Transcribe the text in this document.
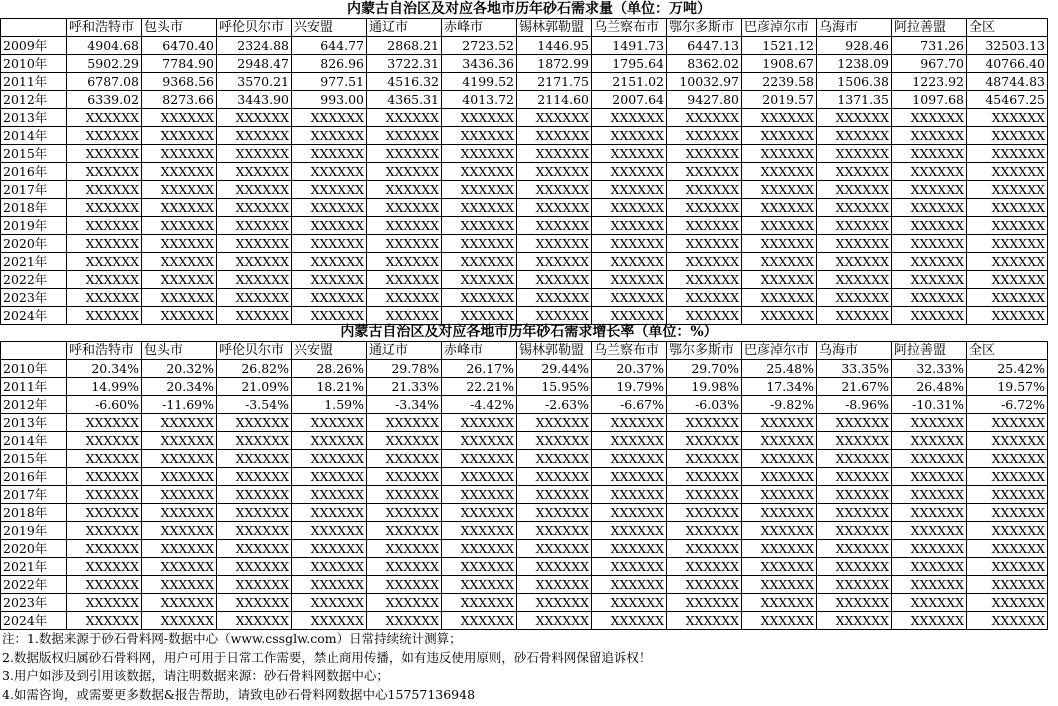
内蒙古自治区及对应各地市历年砂石需求量（单位：万吨）
	呼和浩特市	包头市	呼伦贝尔市	兴安盟	通辽市	赤峰市	锡林郭勒盟	乌兰察布市	鄂尔多斯市	巴彦淖尔市	乌海市	阿拉善盟	全区
2009年	4904.68	6470.40	2324.88	644.77	2868.21	2723.52	1446.95	1491.73	6447.13	1521.12	928.46	731.26	32503.13
2010年	5902.29	7784.90	2948.47	826.96	3722.31	3436.36	1872.99	1795.64	8362.02	1908.67	1238.09	967.70	40766.40
2011年	6787.08	9368.56	3570.21	977.51	4516.32	4199.52	2171.75	2151.02	10032.97	2239.58	1506.38	1223.92	48744.83
2012年	6339.02	8273.66	3443.90	993.00	4365.31	4013.72	2114.60	2007.64	9427.80	2019.57	1371.35	1097.68	45467.25
2013年	XXXXXX	XXXXXX	XXXXXX	XXXXXX	XXXXXX	XXXXXX	XXXXXX	XXXXXX	XXXXXX	XXXXXX	XXXXXX	XXXXXX	XXXXXX
2014年	XXXXXX	XXXXXX	XXXXXX	XXXXXX	XXXXXX	XXXXXX	XXXXXX	XXXXXX	XXXXXX	XXXXXX	XXXXXX	XXXXXX	XXXXXX
2015年	XXXXXX	XXXXXX	XXXXXX	XXXXXX	XXXXXX	XXXXXX	XXXXXX	XXXXXX	XXXXXX	XXXXXX	XXXXXX	XXXXXX	XXXXXX
2016年	XXXXXX	XXXXXX	XXXXXX	XXXXXX	XXXXXX	XXXXXX	XXXXXX	XXXXXX	XXXXXX	XXXXXX	XXXXXX	XXXXXX	XXXXXX
2017年	XXXXXX	XXXXXX	XXXXXX	XXXXXX	XXXXXX	XXXXXX	XXXXXX	XXXXXX	XXXXXX	XXXXXX	XXXXXX	XXXXXX	XXXXXX
2018年	XXXXXX	XXXXXX	XXXXXX	XXXXXX	XXXXXX	XXXXXX	XXXXXX	XXXXXX	XXXXXX	XXXXXX	XXXXXX	XXXXXX	XXXXXX
2019年	XXXXXX	XXXXXX	XXXXXX	XXXXXX	XXXXXX	XXXXXX	XXXXXX	XXXXXX	XXXXXX	XXXXXX	XXXXXX	XXXXXX	XXXXXX
2020年	XXXXXX	XXXXXX	XXXXXX	XXXXXX	XXXXXX	XXXXXX	XXXXXX	XXXXXX	XXXXXX	XXXXXX	XXXXXX	XXXXXX	XXXXXX
2021年	XXXXXX	XXXXXX	XXXXXX	XXXXXX	XXXXXX	XXXXXX	XXXXXX	XXXXXX	XXXXXX	XXXXXX	XXXXXX	XXXXXX	XXXXXX
2022年	XXXXXX	XXXXXX	XXXXXX	XXXXXX	XXXXXX	XXXXXX	XXXXXX	XXXXXX	XXXXXX	XXXXXX	XXXXXX	XXXXXX	XXXXXX
2023年	XXXXXX	XXXXXX	XXXXXX	XXXXXX	XXXXXX	XXXXXX	XXXXXX	XXXXXX	XXXXXX	XXXXXX	XXXXXX	XXXXXX	XXXXXX
2024年	XXXXXX	XXXXXX	XXXXXX	XXXXXX	XXXXXX	XXXXXX	XXXXXX	XXXXXX	XXXXXX	XXXXXX	XXXXXX	XXXXXX	XXXXXX
内蒙古自治区及对应各地市历年砂石需求增长率（单位：%）
	呼和浩特市	包头市	呼伦贝尔市	兴安盟	通辽市	赤峰市	锡林郭勒盟	乌兰察布市	鄂尔多斯市	巴彦淖尔市	乌海市	阿拉善盟	全区
2010年	20.34%	20.32%	26.82%	28.26%	29.78%	26.17%	29.44%	20.37%	29.70%	25.48%	33.35%	32.33%	25.42%
2011年	14.99%	20.34%	21.09%	18.21%	21.33%	22.21%	15.95%	19.79%	19.98%	17.34%	21.67%	26.48%	19.57%
2012年	-6.60%	-11.69%	-3.54%	1.59%	-3.34%	-4.42%	-2.63%	-6.67%	-6.03%	-9.82%	-8.96%	-10.31%	-6.72%
2013年	XXXXXX	XXXXXX	XXXXXX	XXXXXX	XXXXXX	XXXXXX	XXXXXX	XXXXXX	XXXXXX	XXXXXX	XXXXXX	XXXXXX	XXXXXX
2014年	XXXXXX	XXXXXX	XXXXXX	XXXXXX	XXXXXX	XXXXXX	XXXXXX	XXXXXX	XXXXXX	XXXXXX	XXXXXX	XXXXXX	XXXXXX
2015年	XXXXXX	XXXXXX	XXXXXX	XXXXXX	XXXXXX	XXXXXX	XXXXXX	XXXXXX	XXXXXX	XXXXXX	XXXXXX	XXXXXX	XXXXXX
2016年	XXXXXX	XXXXXX	XXXXXX	XXXXXX	XXXXXX	XXXXXX	XXXXXX	XXXXXX	XXXXXX	XXXXXX	XXXXXX	XXXXXX	XXXXXX
2017年	XXXXXX	XXXXXX	XXXXXX	XXXXXX	XXXXXX	XXXXXX	XXXXXX	XXXXXX	XXXXXX	XXXXXX	XXXXXX	XXXXXX	XXXXXX
2018年	XXXXXX	XXXXXX	XXXXXX	XXXXXX	XXXXXX	XXXXXX	XXXXXX	XXXXXX	XXXXXX	XXXXXX	XXXXXX	XXXXXX	XXXXXX
2019年	XXXXXX	XXXXXX	XXXXXX	XXXXXX	XXXXXX	XXXXXX	XXXXXX	XXXXXX	XXXXXX	XXXXXX	XXXXXX	XXXXXX	XXXXXX
2020年	XXXXXX	XXXXXX	XXXXXX	XXXXXX	XXXXXX	XXXXXX	XXXXXX	XXXXXX	XXXXXX	XXXXXX	XXXXXX	XXXXXX	XXXXXX
2021年	XXXXXX	XXXXXX	XXXXXX	XXXXXX	XXXXXX	XXXXXX	XXXXXX	XXXXXX	XXXXXX	XXXXXX	XXXXXX	XXXXXX	XXXXXX
2022年	XXXXXX	XXXXXX	XXXXXX	XXXXXX	XXXXXX	XXXXXX	XXXXXX	XXXXXX	XXXXXX	XXXXXX	XXXXXX	XXXXXX	XXXXXX
2023年	XXXXXX	XXXXXX	XXXXXX	XXXXXX	XXXXXX	XXXXXX	XXXXXX	XXXXXX	XXXXXX	XXXXXX	XXXXXX	XXXXXX	XXXXXX
2024年	XXXXXX	XXXXXX	XXXXXX	XXXXXX	XXXXXX	XXXXXX	XXXXXX	XXXXXX	XXXXXX	XXXXXX	XXXXXX	XXXXXX	XXXXXX
注：1.数据来源于砂石骨料网-数据中心（www.cssglw.com）日常持续统计测算；
2.数据版权归属砂石骨料网，用户可用于日常工作需要，禁止商用传播，如有违反使用原则，砂石骨料网保留追诉权！
3.用户如涉及到引用该数据，请注明数据来源：砂石骨料网数据中心；
4.如需咨询，或需要更多数据&报告帮助，请致电砂石骨料网数据中心15757136948
